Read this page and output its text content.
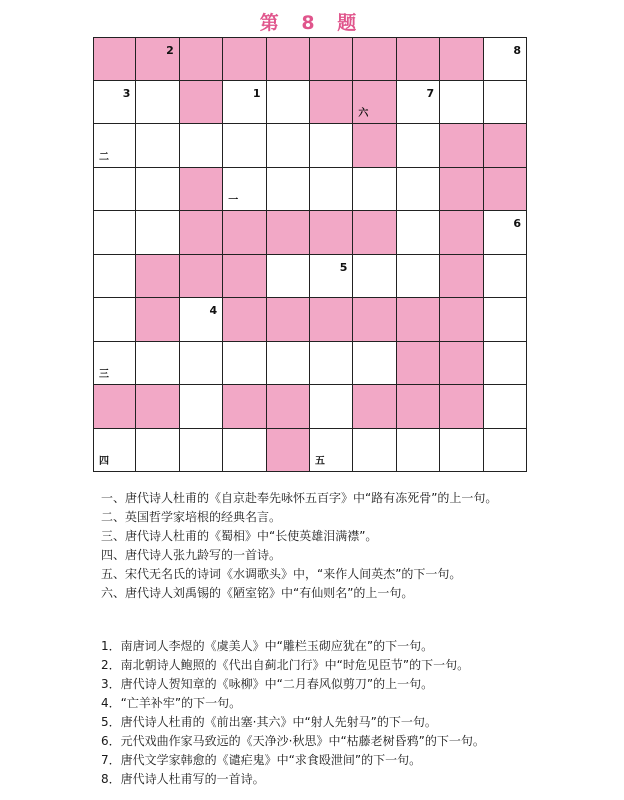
第 8 题
2	8
3	1
六
7
二
一
6
5
4
三
四	五
一、唐代诗人杜甫的《自京赴奉先咏怀五百字》中“路有冻死骨”的上一句。
二、英国哲学家培根的经典名言。
三、唐代诗人杜甫的《蜀相》中“长使英雄泪满襟”。
四、唐代诗人张九龄写的一首诗。
五、宋代无名氏的诗词《水调歌头》中，“来作人间英杰”的下一句。
六、唐代诗人刘禹锡的《陋室铭》中“有仙则名”的上一句。
1．南唐词人李煜的《虞美人》中“雕栏玉砌应犹在”的下一句。
2．南北朝诗人鲍照的《代出自蓟北门行》中“时危见臣节”的下一句。
3．唐代诗人贺知章的《咏柳》中“二月春风似剪刀”的上一句。
4．“亡羊补牢”的下一句。
5．唐代诗人杜甫的《前出塞·其六》中“射人先射马”的下一句。
6．元代戏曲作家马致远的《天净沙·秋思》中“枯藤老树昏鸦”的下一句。
7．唐代文学家韩愈的《谴疟鬼》中“求食殴泄间”的下一句。
8．唐代诗人杜甫写的一首诗。
